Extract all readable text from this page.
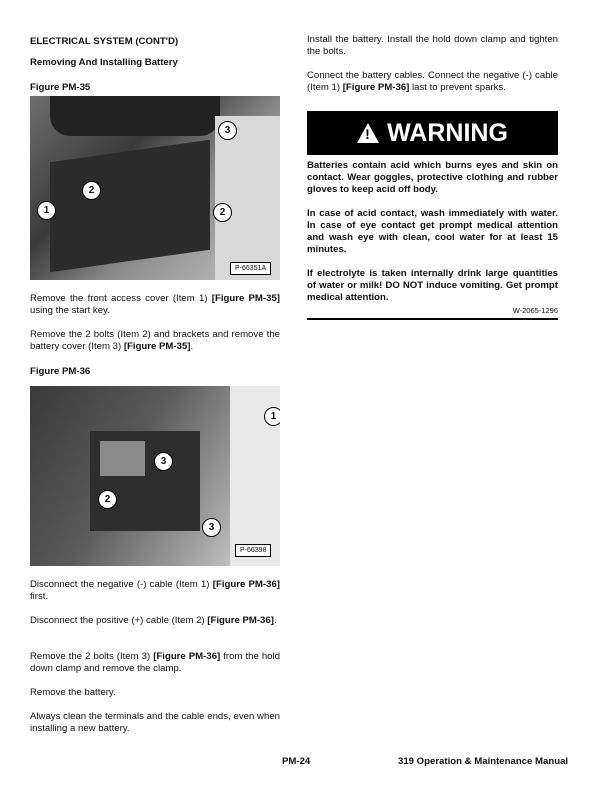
ELECTRICAL SYSTEM (CONT'D)
Removing And Installing Battery
Figure PM-35
3
2
1	2
P-66351A

Remove the front access cover (Item 1) [Figure PM-35] using the start key.

Remove the 2 bolts (Item 2) and brackets and remove the battery cover (Item 3) [Figure PM-35].

Figure PM-36
1
3
2
3
P-66398

Disconnect the negative (-) cable (Item 1) [Figure PM-36] first.

Disconnect the positive (+) cable (Item 2) [Figure PM-36].

Remove the 2 bolts (Item 3) [Figure PM-36] from the hold down clamp and remove the clamp.

Remove the battery.

Always clean the terminals and the cable ends, even when installing a new battery.

Install the battery. Install the hold down clamp and tighten the bolts.

Connect the battery cables. Connect the negative (-) cable (Item 1) [Figure PM-36] last to prevent sparks.

! WARNING

Batteries contain acid which burns eyes and skin on contact. Wear goggles, protective clothing and rubber gloves to keep acid off body.

In case of acid contact, wash immediately with water. In case of eye contact get prompt medical attention and wash eye with clean, cool water for at least 15 minutes.

If electrolyte is taken internally drink large quantities of water or milk! DO NOT induce vomiting. Get prompt medical attention.

W-2065-1296
PM-24	319 Operation & Maintenance Manual
